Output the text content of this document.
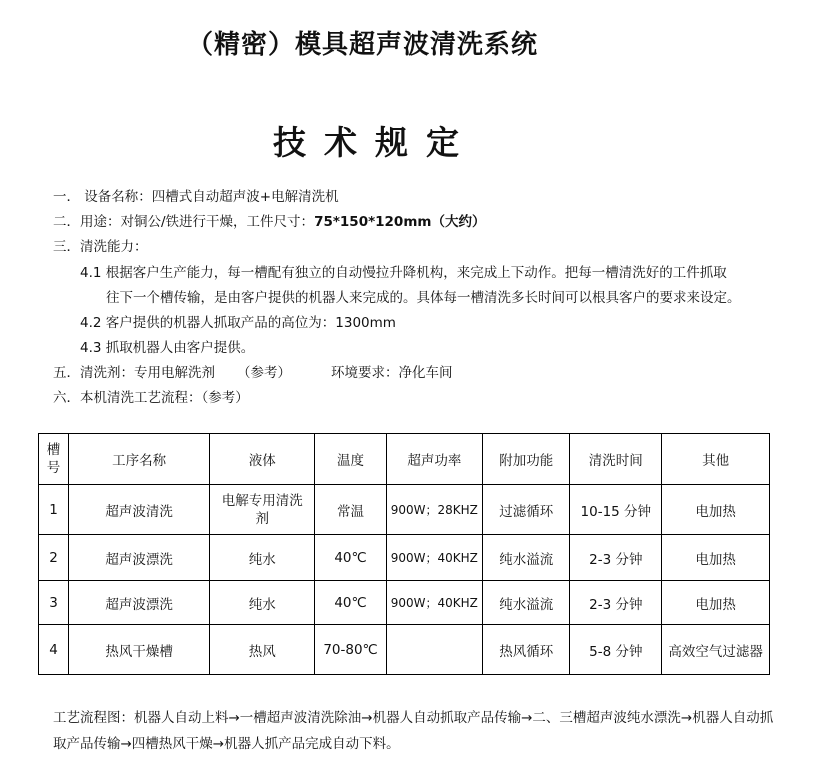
（精密）模具超声波清洗系统
技术规定
一． 设备名称：四槽式自动超声波+电解清洗机
二．用途：对铜公/铁进行干燥，工件尺寸：75*150*120mm（大约）
三．清洗能力：
4.1 根据客户生产能力，每一槽配有独立的自动慢拉升降机构，来完成上下动作。把每一槽清洗好的工件抓取
往下一个槽传输，是由客户提供的机器人来完成的。具体每一槽清洗多长时间可以根具客户的要求来设定。
4.2 客户提供的机器人抓取产品的高位为：1300mm
4.3 抓取机器人由客户提供。
五．清洗剂：专用电解洗剂 （参考）	环境要求：净化车间
六．本机清洗工艺流程：（参考）
槽号	工序名称	液体	温度	超声功率	附加功能	清洗时间	其他
1	超声波清洗	电解专用清洗剂	常温	900W；28KHZ	过滤循环	10-15 分钟	电加热
2	超声波漂洗	纯水	40℃	900W；40KHZ	纯水溢流	2-3 分钟	电加热
3	超声波漂洗	纯水	40℃	900W；40KHZ	纯水溢流	2-3 分钟	电加热
4	热风干燥槽	热风	70-80℃		热风循环	5-8 分钟	高效空气过滤器
工艺流程图：机器人自动上料→一槽超声波清洗除油→机器人自动抓取产品传输→二、三槽超声波纯水漂洗→机器人自动抓取产品传输→四槽热风干燥→机器人抓产品完成自动下料。
